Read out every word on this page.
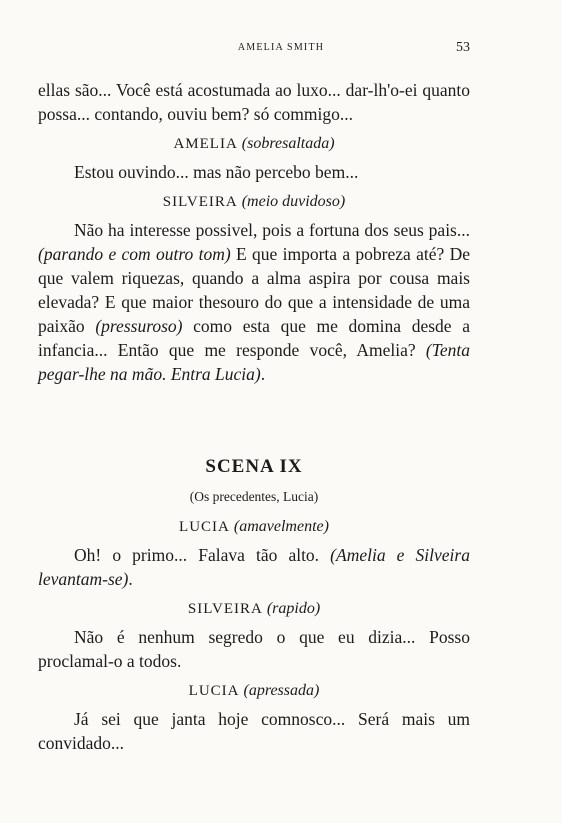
AMELIA SMITH	53

ellas são... Você está acostumada ao luxo... dar-lh'o-ei quanto possa... contando, ouviu bem? só commigo...

AMELIA (sobresaltada)

Estou ouvindo... mas não percebo bem...

SILVEIRA (meio duvidoso)

Não ha interesse possivel, pois a fortuna dos seus pais... (parando e com outro tom) E que importa a pobreza até? De que valem riquezas, quando a alma aspira por cousa mais elevada? E que maior thesouro do que a intensidade de uma paixão (pressuroso) como esta que me domina desde a infancia... Então que me responde você, Amelia? (Tenta pegar-lhe na mão. Entra Lucia).

SCENA IX
(Os precedentes, Lucia)
LUCIA (amavelmente)

Oh! o primo... Falava tão alto. (Amelia e Silveira levantam-se).

SILVEIRA (rapido)

Não é nenhum segredo o que eu dizia... Posso proclamal-o a todos.

LUCIA (apressada)

Já sei que janta hoje comnosco... Será mais um convidado...
